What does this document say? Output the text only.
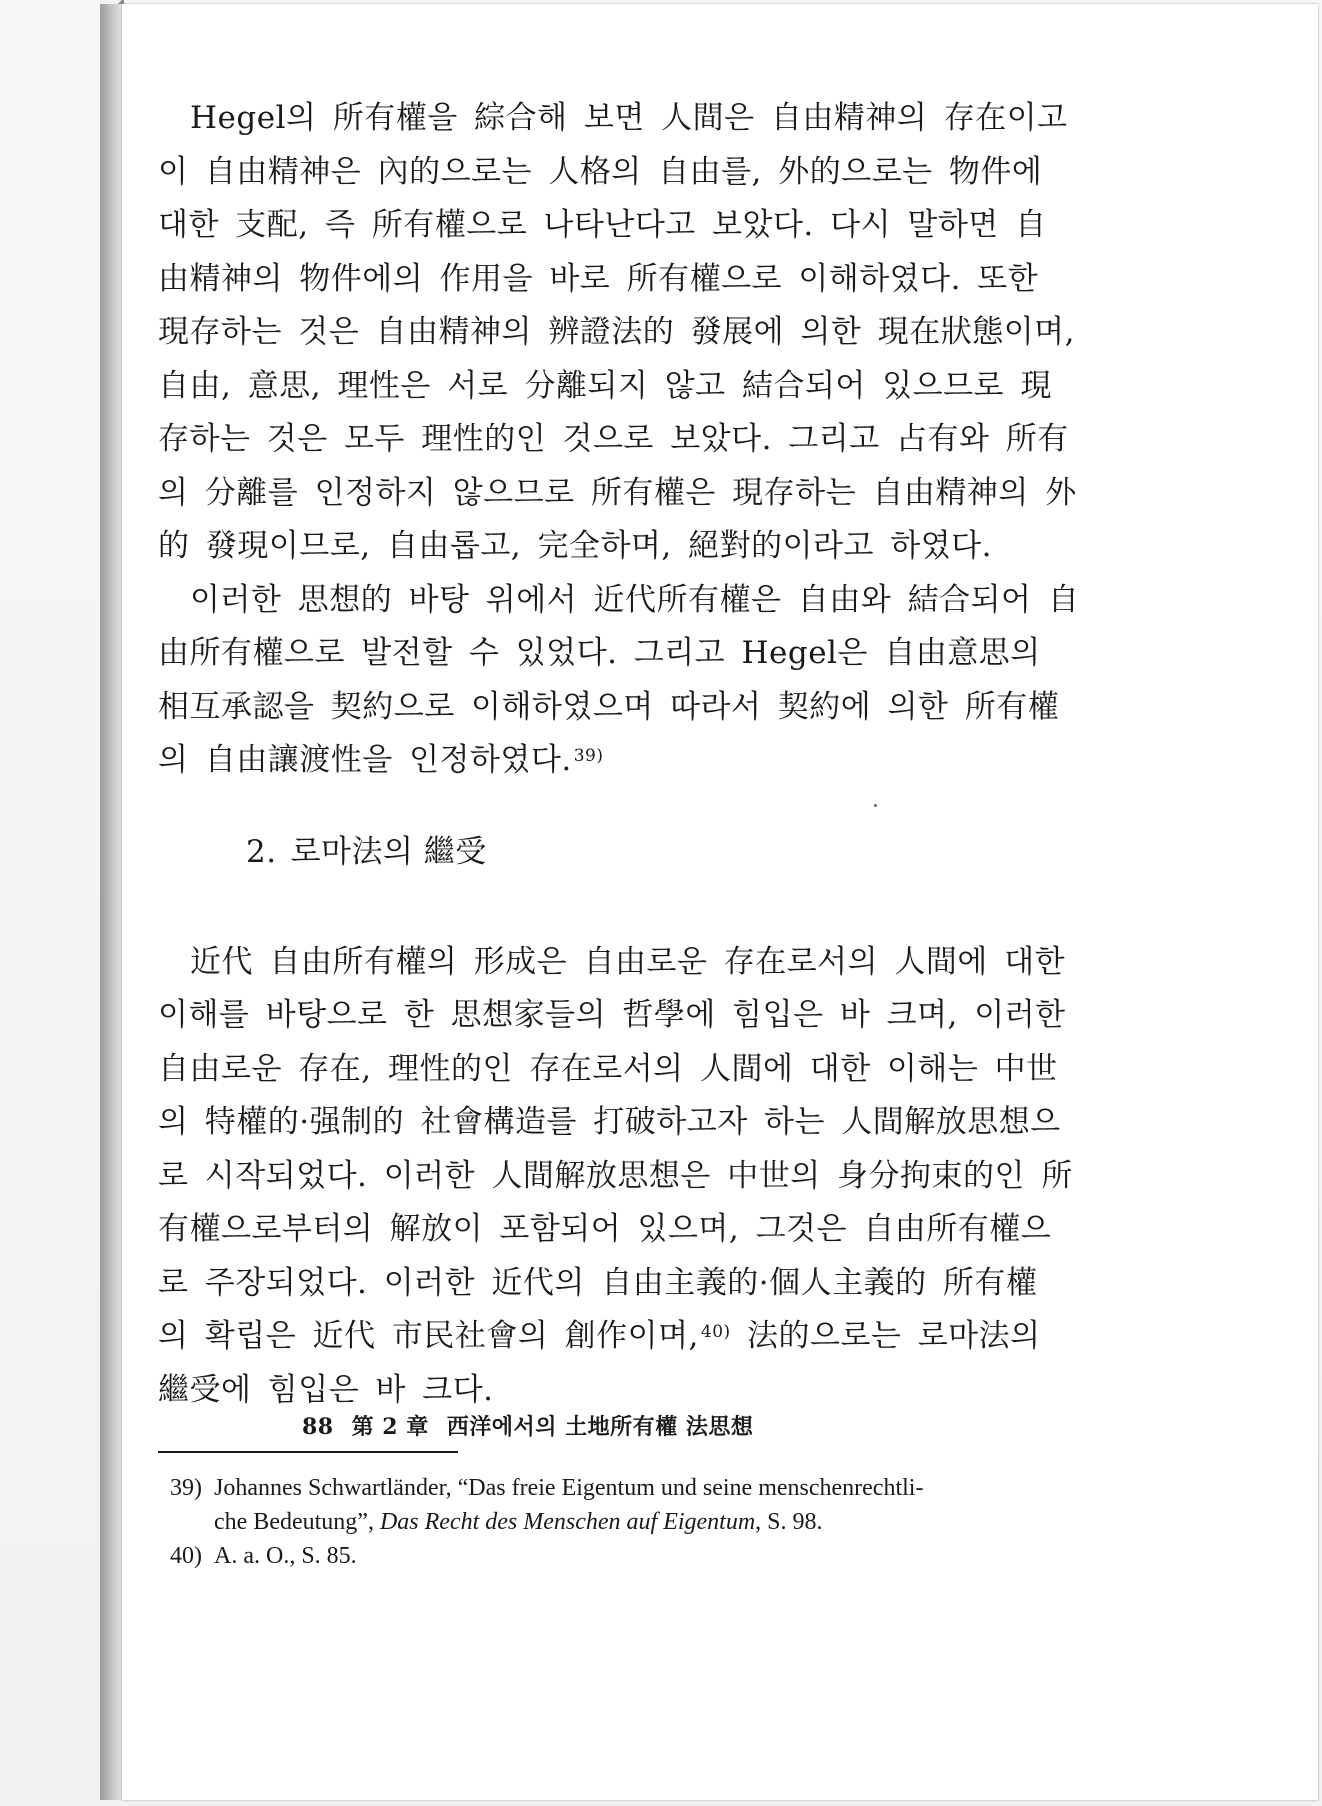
Hegel의 所有權을 綜合해 보면 人間은 自由精神의 存在이고
이 自由精神은 內的으로는 人格의 自由를, 外的으로는 物件에
대한 支配, 즉 所有權으로 나타난다고 보았다. 다시 말하면 自
由精神의 物件에의 作用을 바로 所有權으로 이해하였다. 또한
現存하는 것은 自由精神의 辨證法的 發展에 의한 現在狀態이며,
自由, 意思, 理性은 서로 分離되지 않고 結合되어 있으므로 現
存하는 것은 모두 理性的인 것으로 보았다. 그리고 占有와 所有
의 分離를 인정하지 않으므로 所有權은 現存하는 自由精神의 外
的 發現이므로, 自由롭고, 完全하며, 絕對的이라고 하였다.

이러한 思想的 바탕 위에서 近代所有權은 自由와 結合되어 自
由所有權으로 발전할 수 있었다. 그리고 Hegel은 自由意思의
相互承認을 契約으로 이해하였으며 따라서 契約에 의한 所有權
의 自由讓渡性을 인정하였다. $^{39)}$

2. 로마法의 繼受

近代 自由所有權의 形成은 自由로운 存在로서의 人間에 대한
이해를 바탕으로 한 思想家들의 哲學에 힘입은 바 크며, 이러한
自由로운 存在, 理性的인 存在로서의 人間에 대한 이해는 中世
의 特權的·强制的 社會構造를 打破하고자 하는 人間解放思想으
로 시작되었다. 이러한 人間解放思想은 中世의 身分拘束的인 所
有權으로부터의 解放이 포함되어 있으며, 그것은 自由所有權으
로 주장되었다. 이러한 近代의 自由主義的·個人主義的 所有權
의 확립은 近代 市民社會의 創作이며, $^{40)}$ 法的으로는 로마法의
繼受에 힘입은 바 크다.

39) Johannes Schwartländer, “Das freie Eigentum und seine menschenrechtli-
che Bedeutung”, Das Recht des Menschen auf Eigentum, S. 98.
40) A. a. O., S. 85.
88 第 2 章 西洋에서의 土地所有權 法思想
